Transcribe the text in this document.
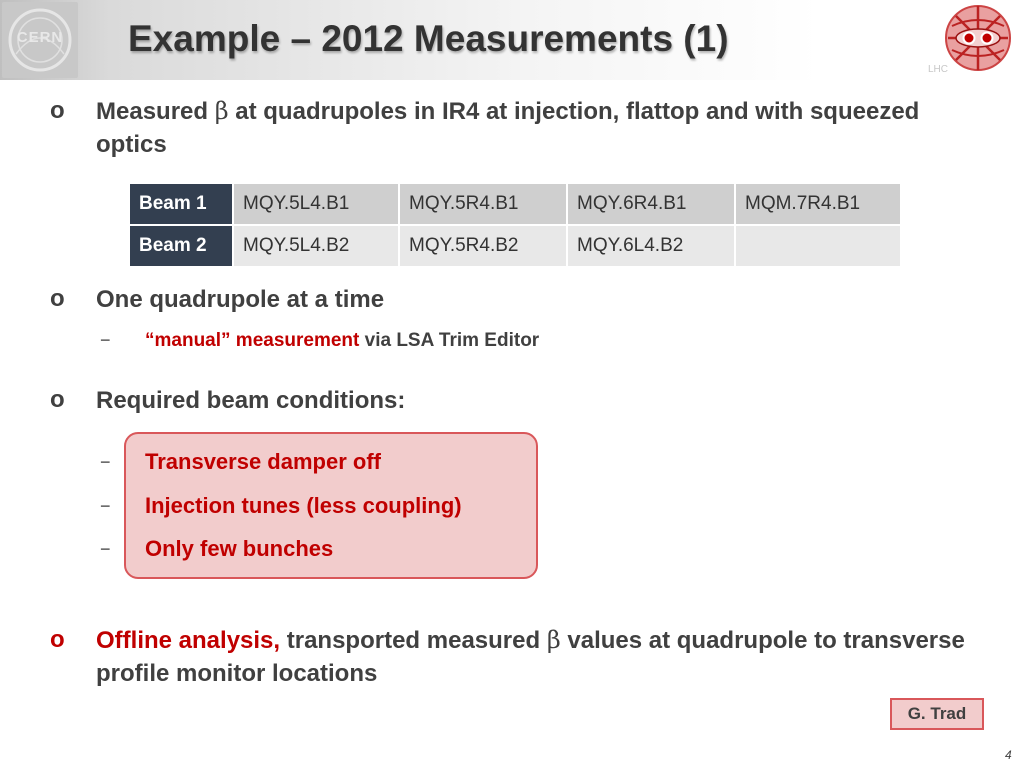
CERN Example – 2012 Measurements (1)
LHC
o Measured β at quadrupoles in IR4 at injection, flattop and with squeezed optics

Beam 1	MQY.5L4.B1	MQY.5R4.B1	MQY.6R4.B1	MQM.7R4.B1
Beam 2	MQY.5L4.B2	MQY.5R4.B2	MQY.6L4.B2	
o One quadrupole at a time

− “manual” measurement via LSA Trim Editor

o Required beam conditions:

− Transverse damper off

− Injection tunes (less coupling)

− Only few bunches

o Offline analysis, transported measured β values at quadrupole to transverse profile monitor locations

G. Trad
4
